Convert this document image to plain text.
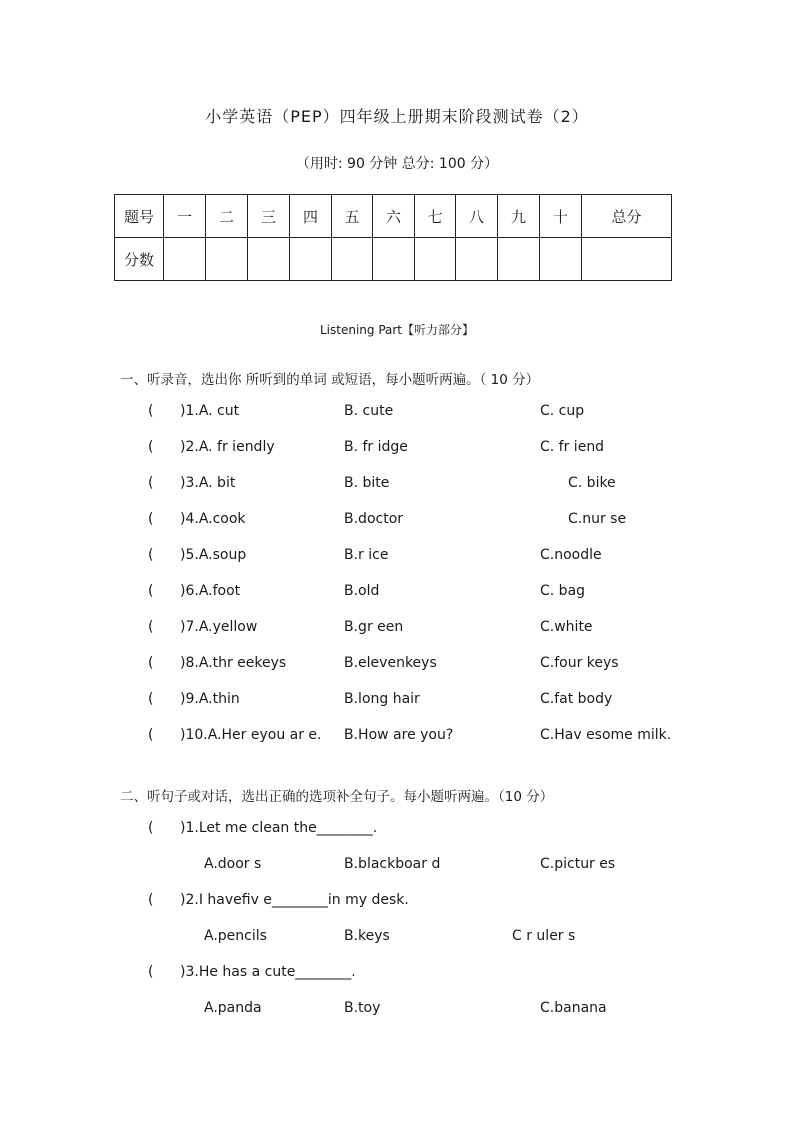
小学英语（PEP）四年级上册期末阶段测试卷（2）
（用时: 90 分钟 总分: 100 分）
题号	一	二	三	四	五	六	七	八	九	十	总分
分数											
Listening Part【听力部分】
一、听录音，选出你 所听到的单词 或短语，每小题听两遍。（ 10 分）
( )1.A. cut	B. cute	C. cup
( )2.A. fr iendly	B. fr idge	C. fr iend
( )3.A. bit	B. bite	C. bike
( )4.A.cook	B.doctor	C.nur se
( )5.A.soup	B.r ice	C.noodle
( )6.A.foot	B.old	C. bag
( )7.A.yellow	B.gr een	C.white
( )8.A.thr eekeys	B.elevenkeys	C.four keys
( )9.A.thin	B.long hair	C.fat body
( )10.A.Her eyou ar e. B.How are you?	C.Hav esome milk.
二、听句子或对话，选出正确的选项补全句子。每小题听两遍。（10 分）
( )1.Let me clean the________.
A.door s	B.blackboar d	C.pictur es
( )2.I havefiv e________in my desk.
A.pencils	B.keys	C r uler s
( )3.He has a cute________.
A.panda	B.toy	C.banana
